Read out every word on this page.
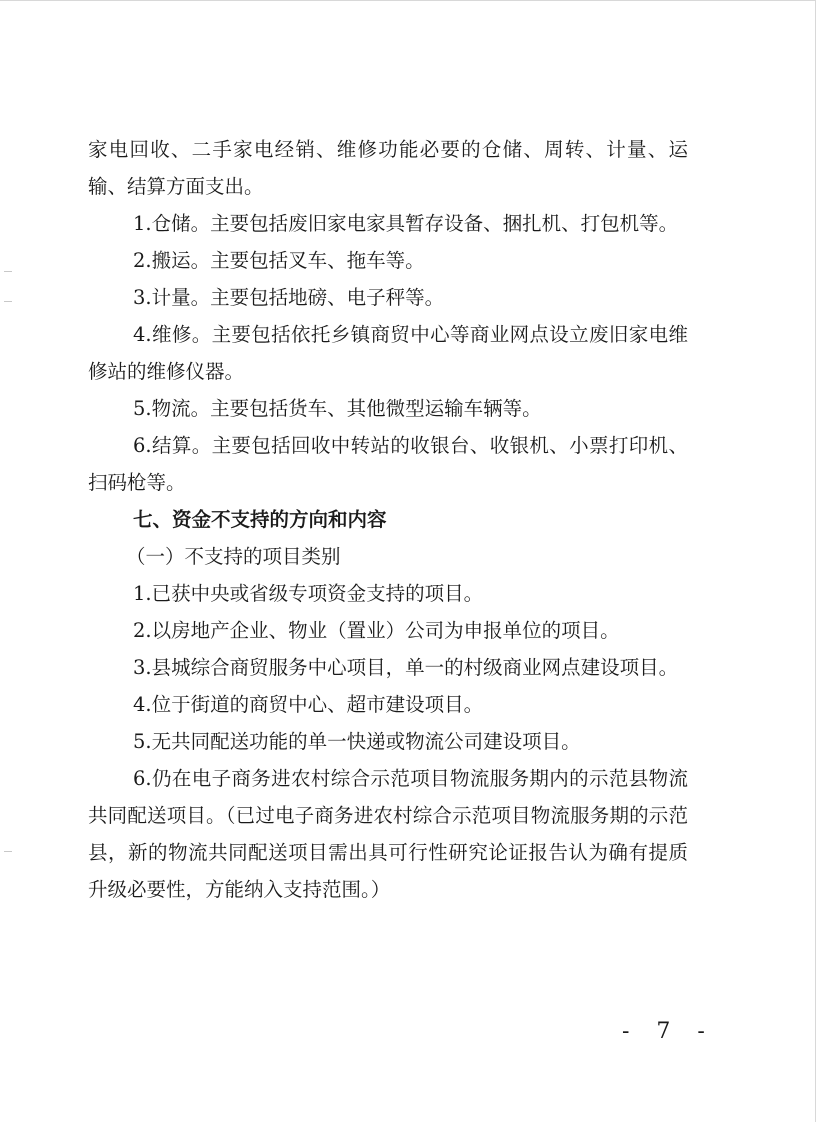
家电回收、二手家电经销、维修功能必要的仓储、周转、计量、运输、结算方面支出。

1.仓储。主要包括废旧家电家具暂存设备、捆扎机、打包机等。

2.搬运。主要包括叉车、拖车等。

3.计量。主要包括地磅、电子秤等。

4.维修。主要包括依托乡镇商贸中心等商业网点设立废旧家电维修站的维修仪器。

5.物流。主要包括货车、其他微型运输车辆等。

6.结算。主要包括回收中转站的收银台、收银机、小票打印机、扫码枪等。

七、资金不支持的方向和内容

（一）不支持的项目类别

1.已获中央或省级专项资金支持的项目。

2.以房地产企业、物业（置业）公司为申报单位的项目。

3.县城综合商贸服务中心项目，单一的村级商业网点建设项目。

4.位于街道的商贸中心、超市建设项目。

5.无共同配送功能的单一快递或物流公司建设项目。

6.仍在电子商务进农村综合示范项目物流服务期内的示范县物流共同配送项目。（已过电子商务进农村综合示范项目物流服务期的示范县，新的物流共同配送项目需出具可行性研究论证报告认为确有提质升级必要性，方能纳入支持范围。）

- 7 -
